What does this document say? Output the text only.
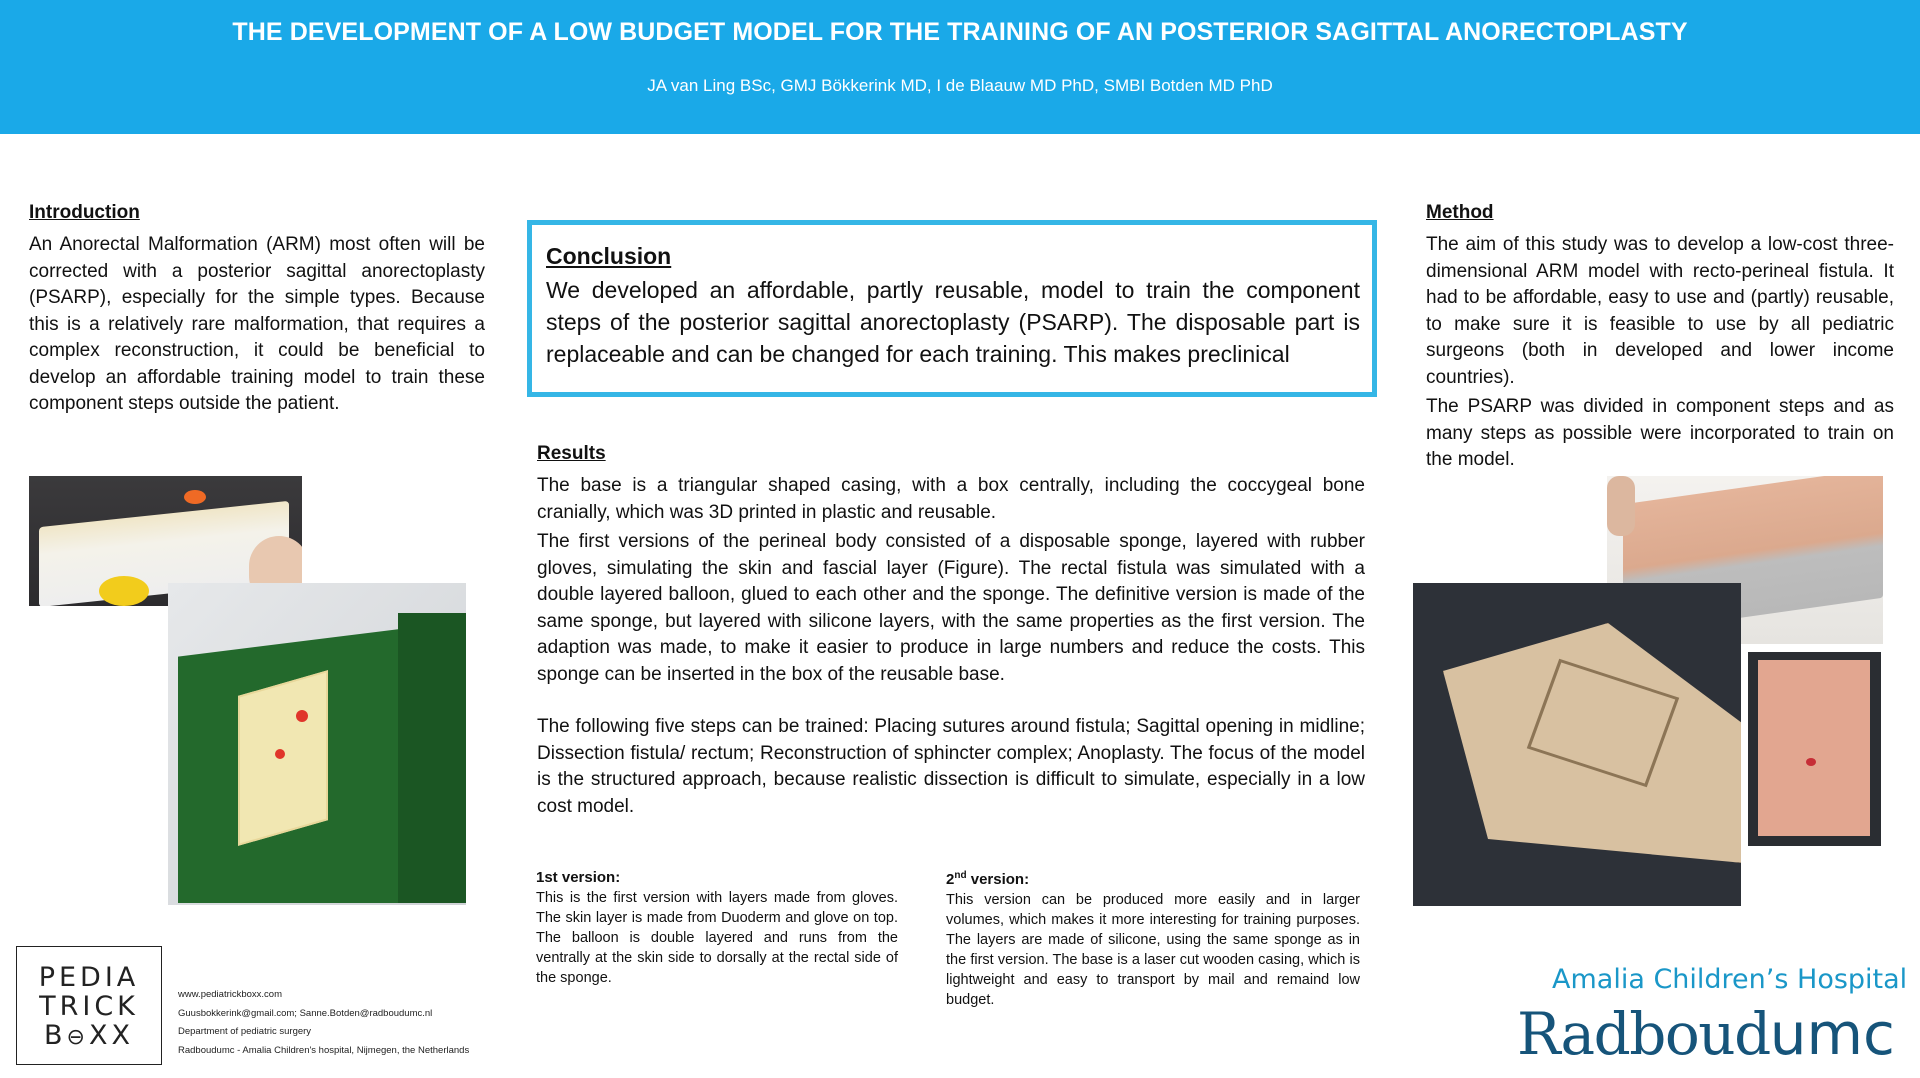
THE DEVELOPMENT OF A LOW BUDGET MODEL FOR THE TRAINING OF AN POSTERIOR SAGITTAL ANORECTOPLASTY
JA van Ling BSc, GMJ Bökkerink MD, I de Blaauw MD PhD, SMBI Botden MD PhD
Introduction
An Anorectal Malformation (ARM) most often will be corrected with a posterior sagittal anorectoplasty (PSARP), especially for the simple types. Because this is a relatively rare malformation, that requires a complex reconstruction, it could be beneficial to develop an affordable training model to train these component steps outside the patient.
Conclusion
We developed an affordable, partly reusable, model to train the component steps of the posterior sagittal anorectoplasty (PSARP). The disposable part is replaceable and can be changed for each training. This makes preclinical
Results
The base is a triangular shaped casing, with a box centrally, including the coccygeal bone cranially, which was 3D printed in plastic and reusable.
The first versions of the perineal body consisted of a disposable sponge, layered with rubber gloves, simulating the skin and fascial layer (Figure). The rectal fistula was simulated with a double layered balloon, glued to each other and the sponge. The definitive version is made of the same sponge, but layered with silicone layers, with the same properties as the first version. The adaption was made, to make it easier to produce in large numbers and reduce the costs. This sponge can be inserted in the box of the reusable base.
The following five steps can be trained: Placing sutures around fistula; Sagittal opening in midline; Dissection fistula/ rectum; Reconstruction of sphincter complex; Anoplasty. The focus of the model is the structured approach, because realistic dissection is difficult to simulate, especially in a low cost model.
1st version:
This is the first version with layers made from gloves. The skin layer is made from Duoderm and glove on top. The balloon is double layered and runs from the ventrally at the skin side to dorsally at the rectal side of the sponge.
2nd version:
This version can be produced more easily and in larger volumes, which makes it more interesting for training purposes. The layers are made of silicone, using the same sponge as in the first version. The base is a laser cut wooden casing, which is lightweight and easy to transport by mail and remaind low budget.
Method
The aim of this study was to develop a low-cost three-dimensional ARM model with recto-perineal fistula. It had to be affordable, easy to use and (partly) reusable, to make sure it is feasible to use by all pediatric surgeons (both in developed and lower income countries).
The PSARP was divided in component steps and as many steps as possible were incorporated to train on the model.
PEDIA
TRICK
B⊖XX
www.pediatrickboxx.com
Guusbokkerink@gmail.com; Sanne.Botden@radboudumc.nl
Department of pediatric surgery
Radboudumc - Amalia Children's hospital, Nijmegen, the Netherlands
Amalia Children’s Hospital
Radboudumc
